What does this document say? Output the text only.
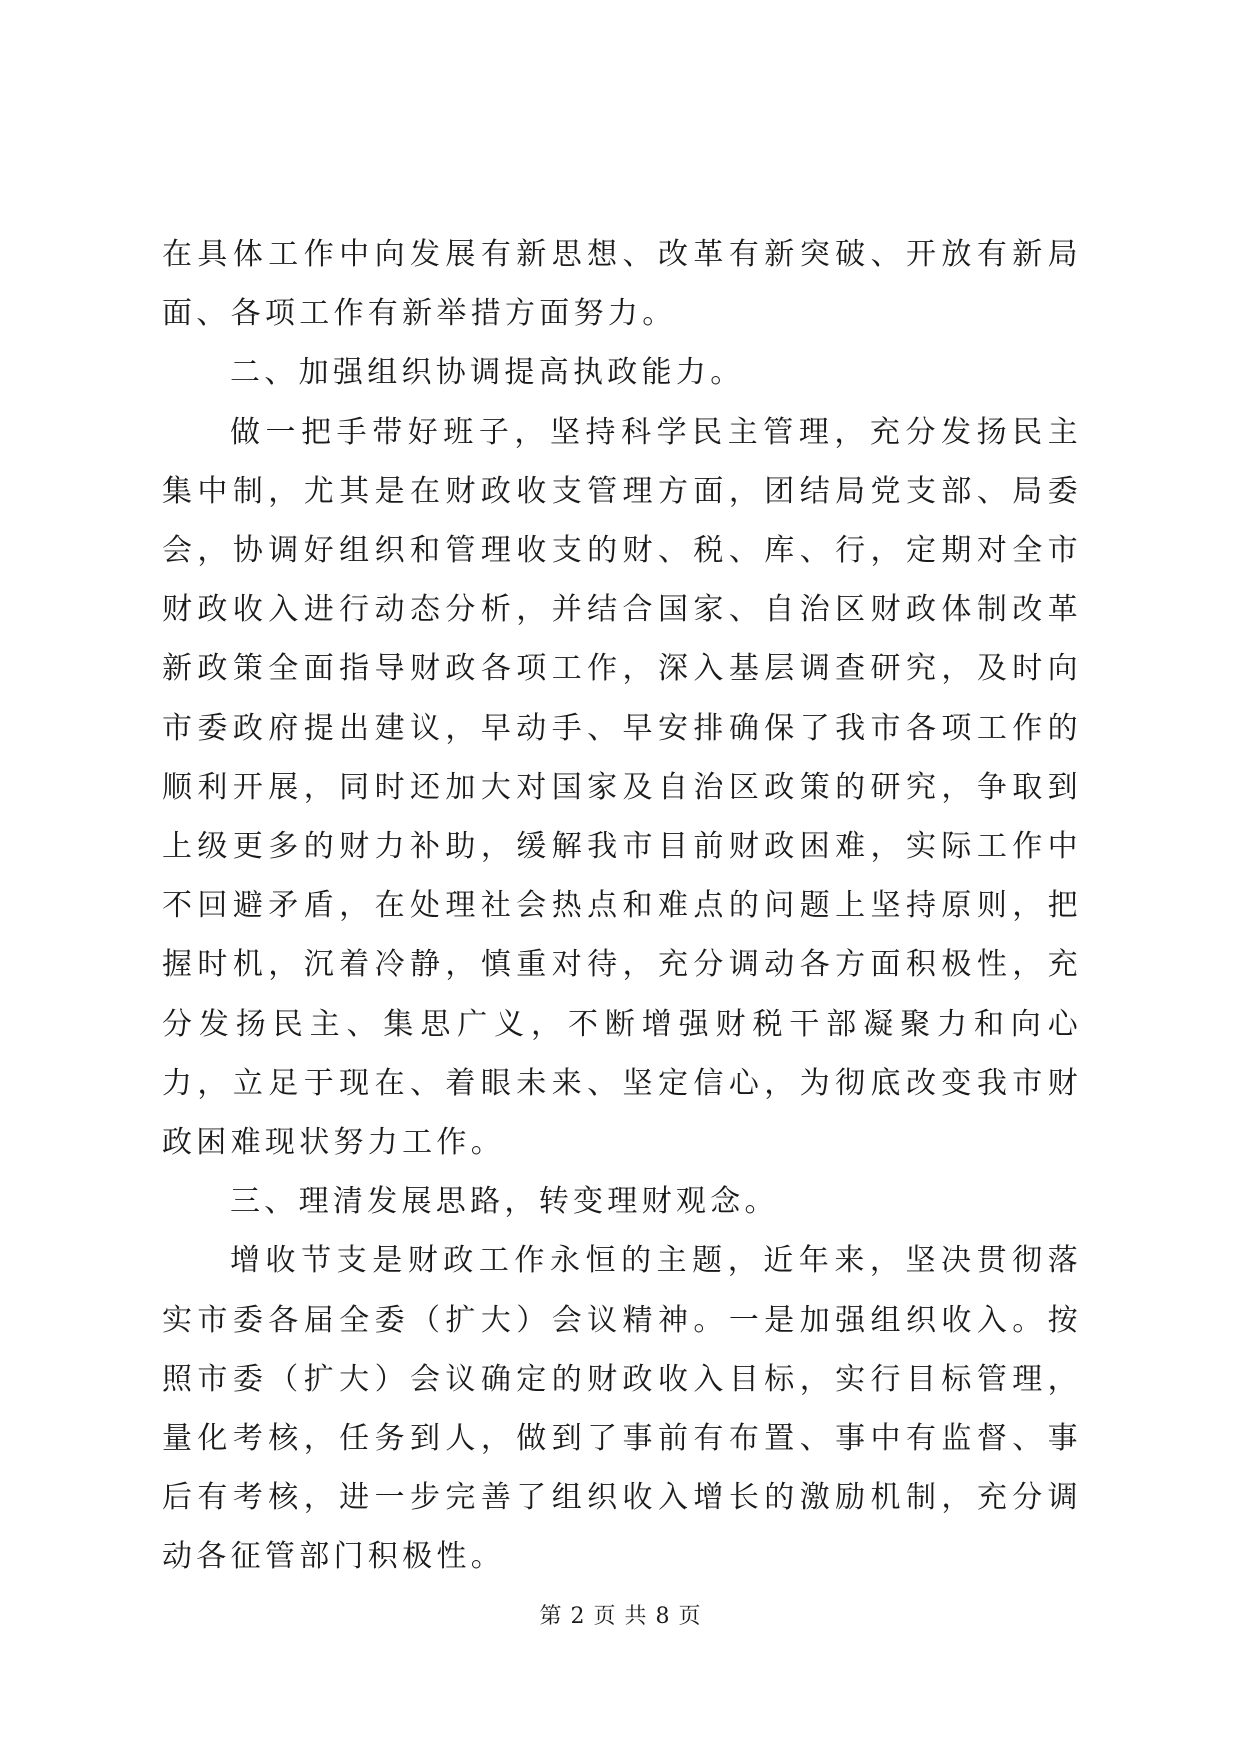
在具体工作中向发展有新思想、改革有新突破、开放有新局面、各项工作有新举措方面努力。

二、加强组织协调提高执政能力。

做一把手带好班子，坚持科学民主管理，充分发扬民主集中制，尤其是在财政收支管理方面，团结局党支部、局委会，协调好组织和管理收支的财、税、库、行，定期对全市财政收入进行动态分析，并结合国家、自治区财政体制改革新政策全面指导财政各项工作，深入基层调查研究，及时向市委政府提出建议，早动手、早安排确保了我市各项工作的顺利开展，同时还加大对国家及自治区政策的研究，争取到上级更多的财力补助，缓解我市目前财政困难，实际工作中不回避矛盾，在处理社会热点和难点的问题上坚持原则，把握时机，沉着冷静，慎重对待，充分调动各方面积极性，充分发扬民主、集思广义，不断增强财税干部凝聚力和向心力，立足于现在、着眼未来、坚定信心，为彻底改变我市财政困难现状努力工作。

三、理清发展思路，转变理财观念。

增收节支是财政工作永恒的主题，近年来，坚决贯彻落实市委各届全委（扩大）会议精神。一是加强组织收入。按照市委（扩大）会议确定的财政收入目标，实行目标管理，量化考核，任务到人，做到了事前有布置、事中有监督、事后有考核，进一步完善了组织收入增长的激励机制，充分调动各征管部门积极性。

第 2 页 共 8 页
